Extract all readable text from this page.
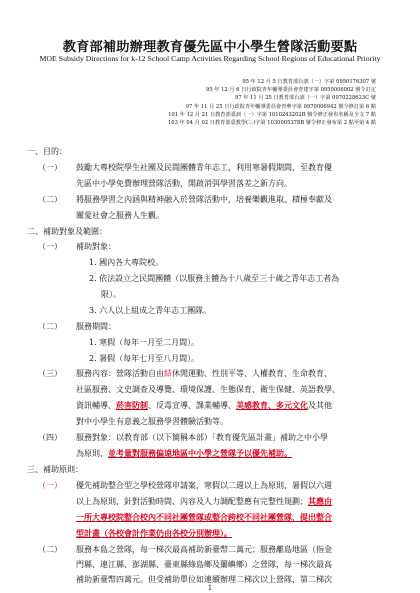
教育部補助辦理教育優先區中小學生營隊活動要點
MOE Subsidy Directions for k-12 School Camp Activities Regarding School Regions of Educational Priority
95 年 12 月 5 日教育部台訓（一）字第 0950176307 號
95 年 12 月 6 日行政院青年輔導委員會青建字第 0950006002 號令訂定
97 年 11 月 25 日教育部台訓（一）字第 0970228623C 號
97 年 11 月 25 日行政院青年輔導委員會青參字第 0970006942 號令修訂第 6 點
101 年 12 月 21 日教育部臺訓（一）字第 1010243202B 號令修正發布名稱及全文 7 點
103 年 04 月 02 日教育部臺教學(三)字第 1030005378B 號令修正發布第 2 點至第 4 點
一、目的：
（一） 鼓勵大專校院學生社團及民間團體青年志工，利用寒暑假期間，至教育優
先區中小學免費辦理營隊活動，開啟消弭學習落差之新方向。
（二） 將服務學習之內涵與精神融入於營隊活動中，培養樂觀進取、積極奉獻及
關愛社會之服務人生觀。
二、補助對象及範圍：
（一） 補助對象：
1. 國內各大專院校。
2. 依法設立之民間團體（以服務主體為十八歲至三十歲之青年志工者為
限）。
3. 六人以上組成之青年志工團隊。
（二） 服務期間：
1. 寒假（每年一月至二月間）。
2. 暑假（每年七月至八月間）。
（三） 服務內容：營隊活動自由結休閒運動、性別平等、人權教育、生命教育、
社區服務、文史調查及導覽、環境保護、生態保育、衛生保健、英語教學、
資訊輔導、菸害防制、反毒宣導、課業輔導、美感教育、多元文化及其他
對中小學生有意義之服務學習體驗活動等。
（四） 服務對象：以教育部（以下簡稱本部）「教育優先區計畫」補助之中小學
為原則，並考量對服務偏遠地區中小學之營隊予以優先補助。
三、補助原則：
（一） 優先補助整合型之學校營隊申請案，寒假以二週以上為原則，暑假以六週
以上為原則，針對活動時間、內容及人力調配整應有完整性規劃；其應由
一所大專校院整合校內不同社團營隊或整合跨校不同社團營隊，提出整合
型計畫（各校會計作業仍由各校分別辦理）。
（二） 服務本島之營隊，每一梯次最高補助新臺幣二萬元；服務離島地區（指金
門縣、連江縣、澎湖縣、臺東縣綠島鄉及蘭嶼鄉）之營隊，每一梯次最高
補助新臺幣四萬元。但受補助單位如連續辦理二梯次以上營隊，第二梯次
1
